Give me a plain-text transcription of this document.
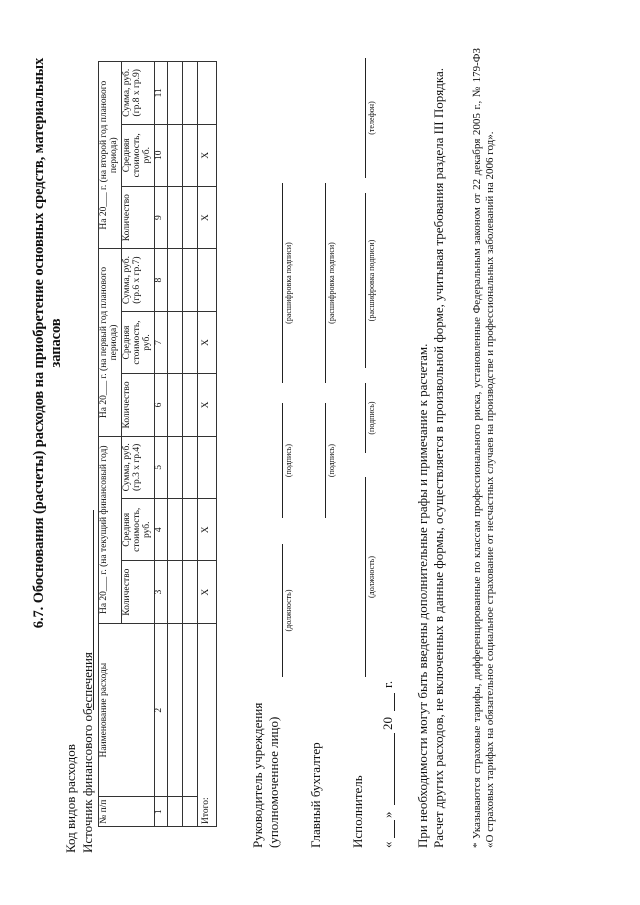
6.7. Обоснования (расчеты) расходов на приобретение основных средств, материальных запасов
Код видов расходов Источник финансового обеспечения № п/п	Наименование расходы	На 20___ г. (на текущий финансовый год)			На 20___ г. (на первый год планового периода)			На 20___ г. (на второй год планового периода)		
		Количество	Средняя стоимость, руб.	Сумма, руб. (гр.3 х гр.4)	Количество	Средняя стоимость, руб.	Сумма, руб. (гр.6 х гр.7)	Количество	Средняя стоимость, руб.	Сумма, руб. (гр.8 х гр.9)
1	2	3	4	5	6	7	8	9	10	11

Итого:		Х	Х		Х	Х		Х	Х	
Руководитель учреждения (уполномоченное лицо)
(должность)
(подпись)
(расшифровка подписи)
Главный бухгалтер
(подпись)
(расшифровка подписи)
Исполнитель
(должность)
(подпись)
(расшифровка подписи)
(телефон)
«
»
20
г. При необходимости могут быть введены дополнительные графы и примечание к расчетам. Расчет других расходов, не включенных в данные формы, осуществляется в произвольной форме, учитывая требования раздела III Порядка. * Указываются страховые тарифы, дифференцированные по классам профессионального риска, установленные Федеральным законом от 22 декабря 2005 г., № 179-ФЗ «О страховых тарифах на обязательное социальное страхование от несчастных случаев на производстве и профессиональных заболеваний на 2006 год».
